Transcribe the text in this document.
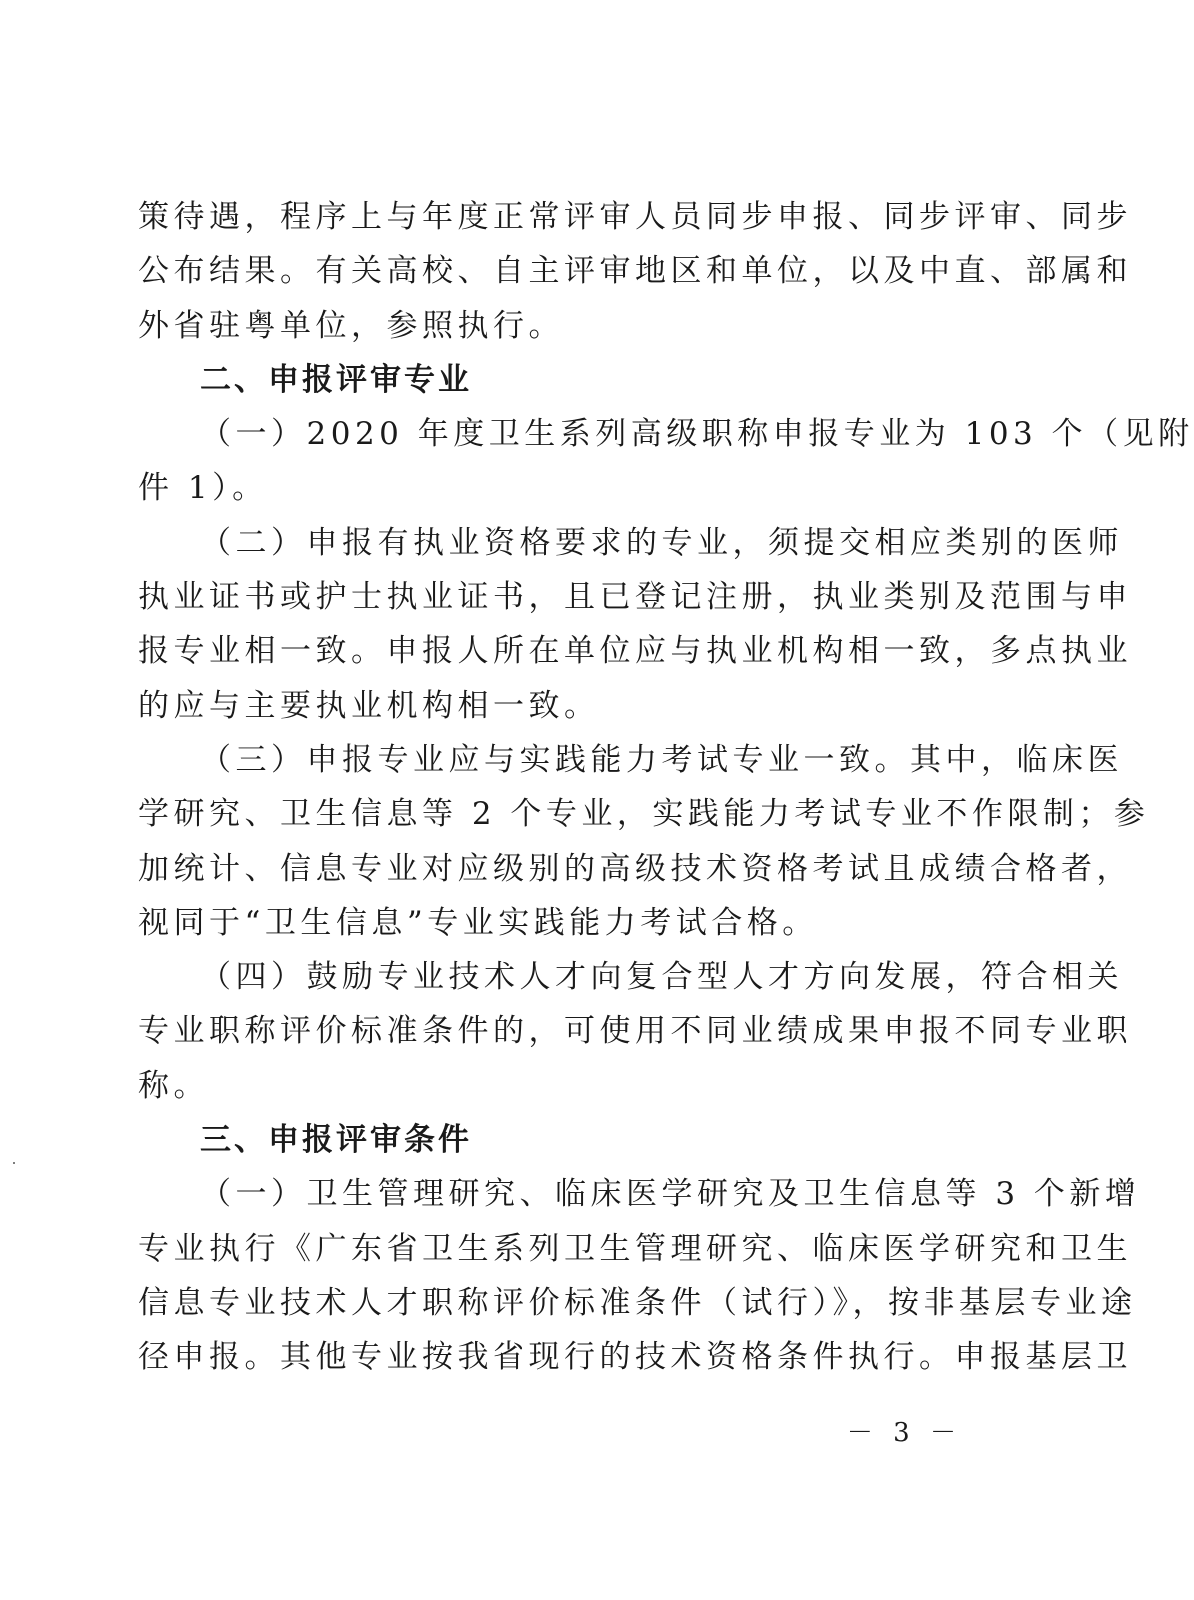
策待遇，程序上与年度正常评审人员同步申报、同步评审、同步
公布结果。有关高校、自主评审地区和单位，以及中直、部属和
外省驻粤单位，参照执行。
二、申报评审专业
（一）2020 年度卫生系列高级职称申报专业为 103 个（见附
件 1）。
（二）申报有执业资格要求的专业，须提交相应类别的医师
执业证书或护士执业证书，且已登记注册，执业类别及范围与申
报专业相一致。申报人所在单位应与执业机构相一致，多点执业
的应与主要执业机构相一致。
（三）申报专业应与实践能力考试专业一致。其中，临床医
学研究、卫生信息等 2 个专业，实践能力考试专业不作限制；参
加统计、信息专业对应级别的高级技术资格考试且成绩合格者，
视同于“卫生信息”专业实践能力考试合格。
（四）鼓励专业技术人才向复合型人才方向发展，符合相关
专业职称评价标准条件的，可使用不同业绩成果申报不同专业职
称。
三、申报评审条件
（一）卫生管理研究、临床医学研究及卫生信息等 3 个新增
专业执行《广东省卫生系列卫生管理研究、临床医学研究和卫生
信息专业技术人才职称评价标准条件（试行）》，按非基层专业途
径申报。其他专业按我省现行的技术资格条件执行。申报基层卫
－ 3 －
